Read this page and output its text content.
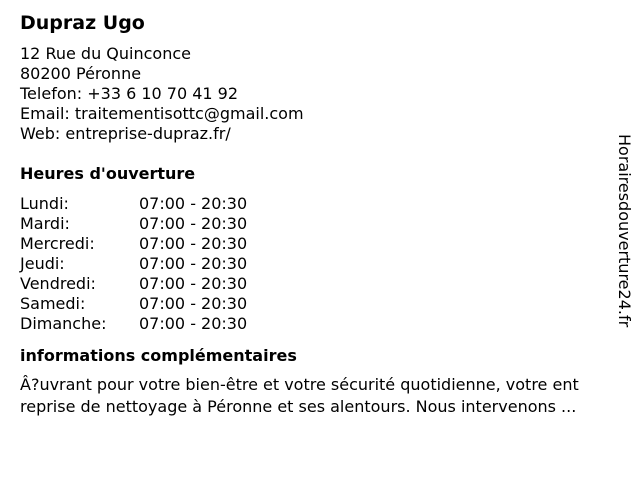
Dupraz Ugo
12 Rue du Quinconce
80200 Péronne
Telefon: +33 6 10 70 41 92
Email: traitementisottc@gmail.com
Web: entreprise-dupraz.fr/
Heures d'ouverture
Lundi:	07:00 - 20:30
Mardi:	07:00 - 20:30
Mercredi:	07:00 - 20:30
Jeudi:	07:00 - 20:30
Vendredi:	07:00 - 20:30
Samedi:	07:00 - 20:30
Dimanche:	07:00 - 20:30
informations complémentaires
Â?uvrant pour votre bien-être et votre sécurité quotidienne, votre ent
reprise de nettoyage à Péronne et ses alentours. Nous intervenons ...
Horairesdouverture24.fr
